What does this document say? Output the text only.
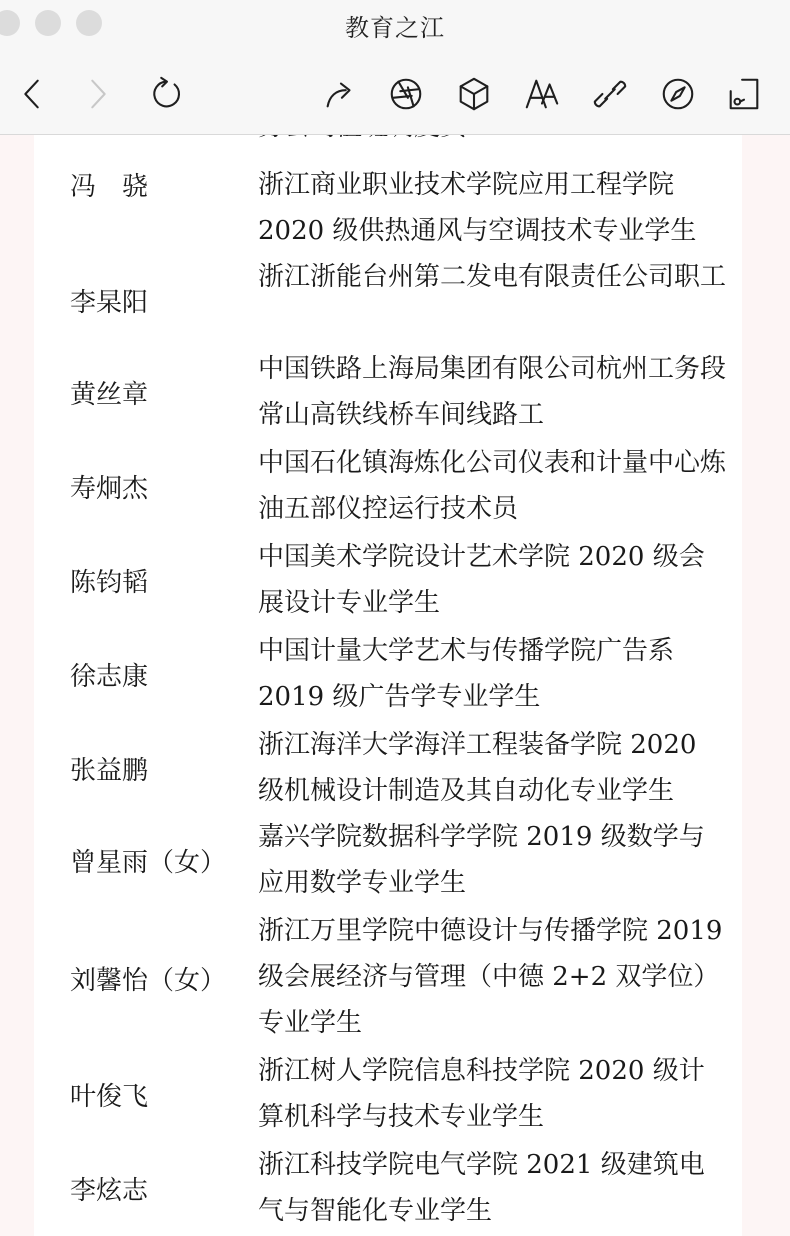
教育之江
冯　骁	浙江商业职业技术学院应用工程学院 2020 级供热通风与空调技术专业学生
李杲阳
浙江浙能台州第二发电有限责任公司职工
黄丝章
中国铁路上海局集团有限公司杭州工务段常山高铁线桥车间线路工
寿炯杰
中国石化镇海炼化公司仪表和计量中心炼油五部仪控运行技术员
陈钧韬
中国美术学院设计艺术学院 2020 级会展设计专业学生
徐志康
中国计量大学艺术与传播学院广告系 2019 级广告学专业学生
张益鹏
浙江海洋大学海洋工程装备学院 2020 级机械设计制造及其自动化专业学生
曾星雨（女）
嘉兴学院数据科学学院 2019 级数学与应用数学专业学生
刘馨怡（女）
浙江万里学院中德设计与传播学院 2019 级会展经济与管理（中德 2+2 双学位）专业学生
叶俊飞
浙江树人学院信息科技学院 2020 级计算机科学与技术专业学生
李炫志
浙江科技学院电气学院 2021 级建筑电气与智能化专业学生
